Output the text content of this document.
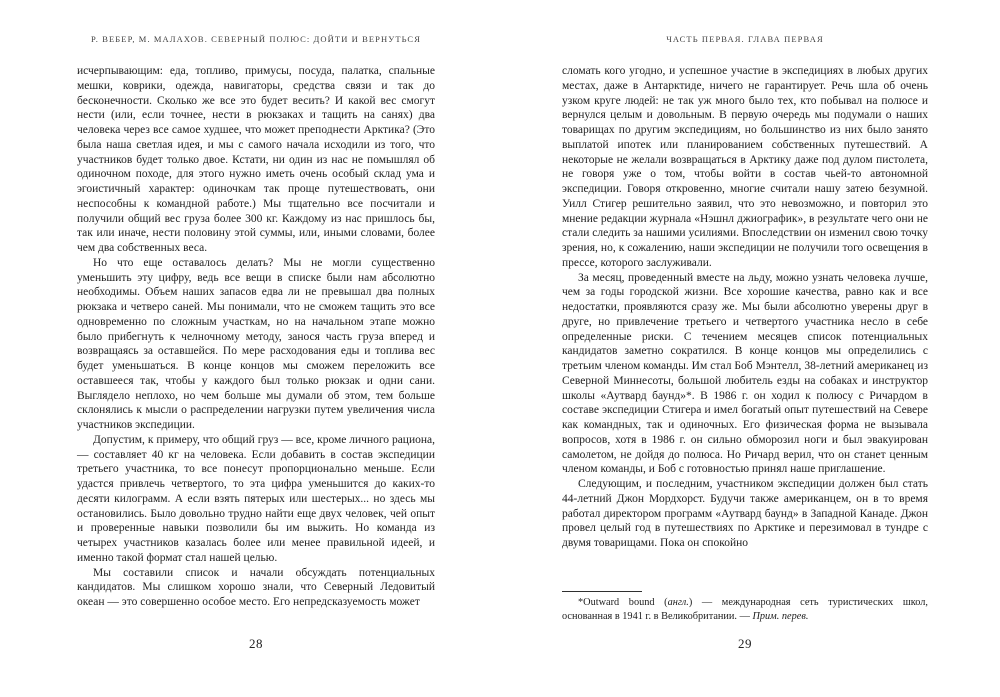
Р. ВЕБЕР, М. МАЛАХОВ. СЕВЕРНЫЙ ПОЛЮС: ДОЙТИ И ВЕРНУТЬСЯ

исчерпывающим: еда, топливо, примусы, посуда, палатка, спальные мешки, коврики, одежда, навигаторы, средства связи и так до бесконечности. Сколько же все это будет весить? И какой вес смогут нести (или, если точнее, нести в рюкзаках и тащить на санях) два человека через все самое худшее, что может преподнести Арктика? (Это была наша светлая идея, и мы с самого начала исходили из того, что участников будет только двое. Кстати, ни один из нас не помышлял об одиночном походе, для этого нужно иметь очень особый склад ума и эгоистичный характер: одиночкам так проще путешествовать, они неспособны к командной работе.) Мы тщательно все посчитали и получили общий вес груза более 300 кг. Каждому из нас пришлось бы, так или иначе, нести половину этой суммы, или, иными словами, более чем два собственных веса.

Но что еще оставалось делать? Мы не могли существенно уменьшить эту цифру, ведь все вещи в списке были нам абсолютно необходимы. Объем наших запасов едва ли не превышал два полных рюкзака и четверо саней. Мы понимали, что не сможем тащить это все одновременно по сложным участкам, но на начальном этапе можно было прибегнуть к челночному методу, занося часть груза вперед и возвращаясь за оставшейся. По мере расходования еды и топлива вес будет уменьшаться. В конце концов мы сможем переложить все оставшееся так, чтобы у каждого был только рюкзак и одни сани. Выглядело неплохо, но чем больше мы думали об этом, тем больше склонялись к мысли о распределении нагрузки путем увеличения числа участников экспедиции.

Допустим, к примеру, что общий груз — все, кроме личного рациона, — составляет 40 кг на человека. Если добавить в состав экспедиции третьего участника, то все понесут пропорционально меньше. Если удастся привлечь четвертого, то эта цифра уменьшится до каких-то десяти килограмм. А если взять пятерых или шестерых... но здесь мы остановились. Было довольно трудно найти еще двух человек, чей опыт и проверенные навыки позволили бы им выжить. Но команда из четырех участников казалась более или менее правильной идеей, и именно такой формат стал нашей целью.

Мы составили список и начали обсуждать потенциальных кандидатов. Мы слишком хорошо знали, что Северный Ледовитый океан — это совершенно особое место. Его непредсказуемость может

28
ЧАСТЬ ПЕРВАЯ. ГЛАВА ПЕРВАЯ

сломать кого угодно, и успешное участие в экспедициях в любых других местах, даже в Антарктиде, ничего не гарантирует. Речь шла об очень узком круге людей: не так уж много было тех, кто побывал на полюсе и вернулся целым и довольным. В первую очередь мы подумали о наших товарищах по другим экспедициям, но большинство из них было занято выплатой ипотек или планированием собственных путешествий. А некоторые не желали возвращаться в Арктику даже под дулом пистолета, не говоря уже о том, чтобы войти в состав чьей-то автономной экспедиции. Говоря откровенно, многие считали нашу затею безумной. Уилл Стигер решительно заявил, что это невозможно, и повторил это мнение редакции журнала «Нэшнл джиографик», в результате чего они не стали следить за нашими усилиями. Впоследствии он изменил свою точку зрения, но, к сожалению, наши экспедиции не получили того освещения в прессе, которого заслуживали.

За месяц, проведенный вместе на льду, можно узнать человека лучше, чем за годы городской жизни. Все хорошие качества, равно как и все недостатки, проявляются сразу же. Мы были абсолютно уверены друг в друге, но привлечение третьего и четвертого участника несло в себе определенные риски. С течением месяцев список потенциальных кандидатов заметно сократился. В конце концов мы определились с третьим членом команды. Им стал Боб Мэнтелл, 38-летний американец из Северной Миннесоты, большой любитель езды на собаках и инструктор школы «Аутвард баунд»*. В 1986 г. он ходил к полюсу с Ричардом в составе экспедиции Стигера и имел богатый опыт путешествий на Севере как командных, так и одиночных. Его физическая форма не вызывала вопросов, хотя в 1986 г. он сильно обморозил ноги и был эвакуирован самолетом, не дойдя до полюса. Но Ричард верил, что он станет ценным членом команды, и Боб с готовностью принял наше приглашение.

Следующим, и последним, участником экспедиции должен был стать 44-летний Джон Мордхорст. Будучи также американцем, он в то время работал директором программ «Аутвард баунд» в Западной Канаде. Джон провел целый год в путешествиях по Арктике и перезимовал в тундре с двумя товарищами. Пока он спокойно

*Outward bound (англ.) — международная сеть туристических школ, основанная в 1941 г. в Великобритании. — Прим. перев.

29
